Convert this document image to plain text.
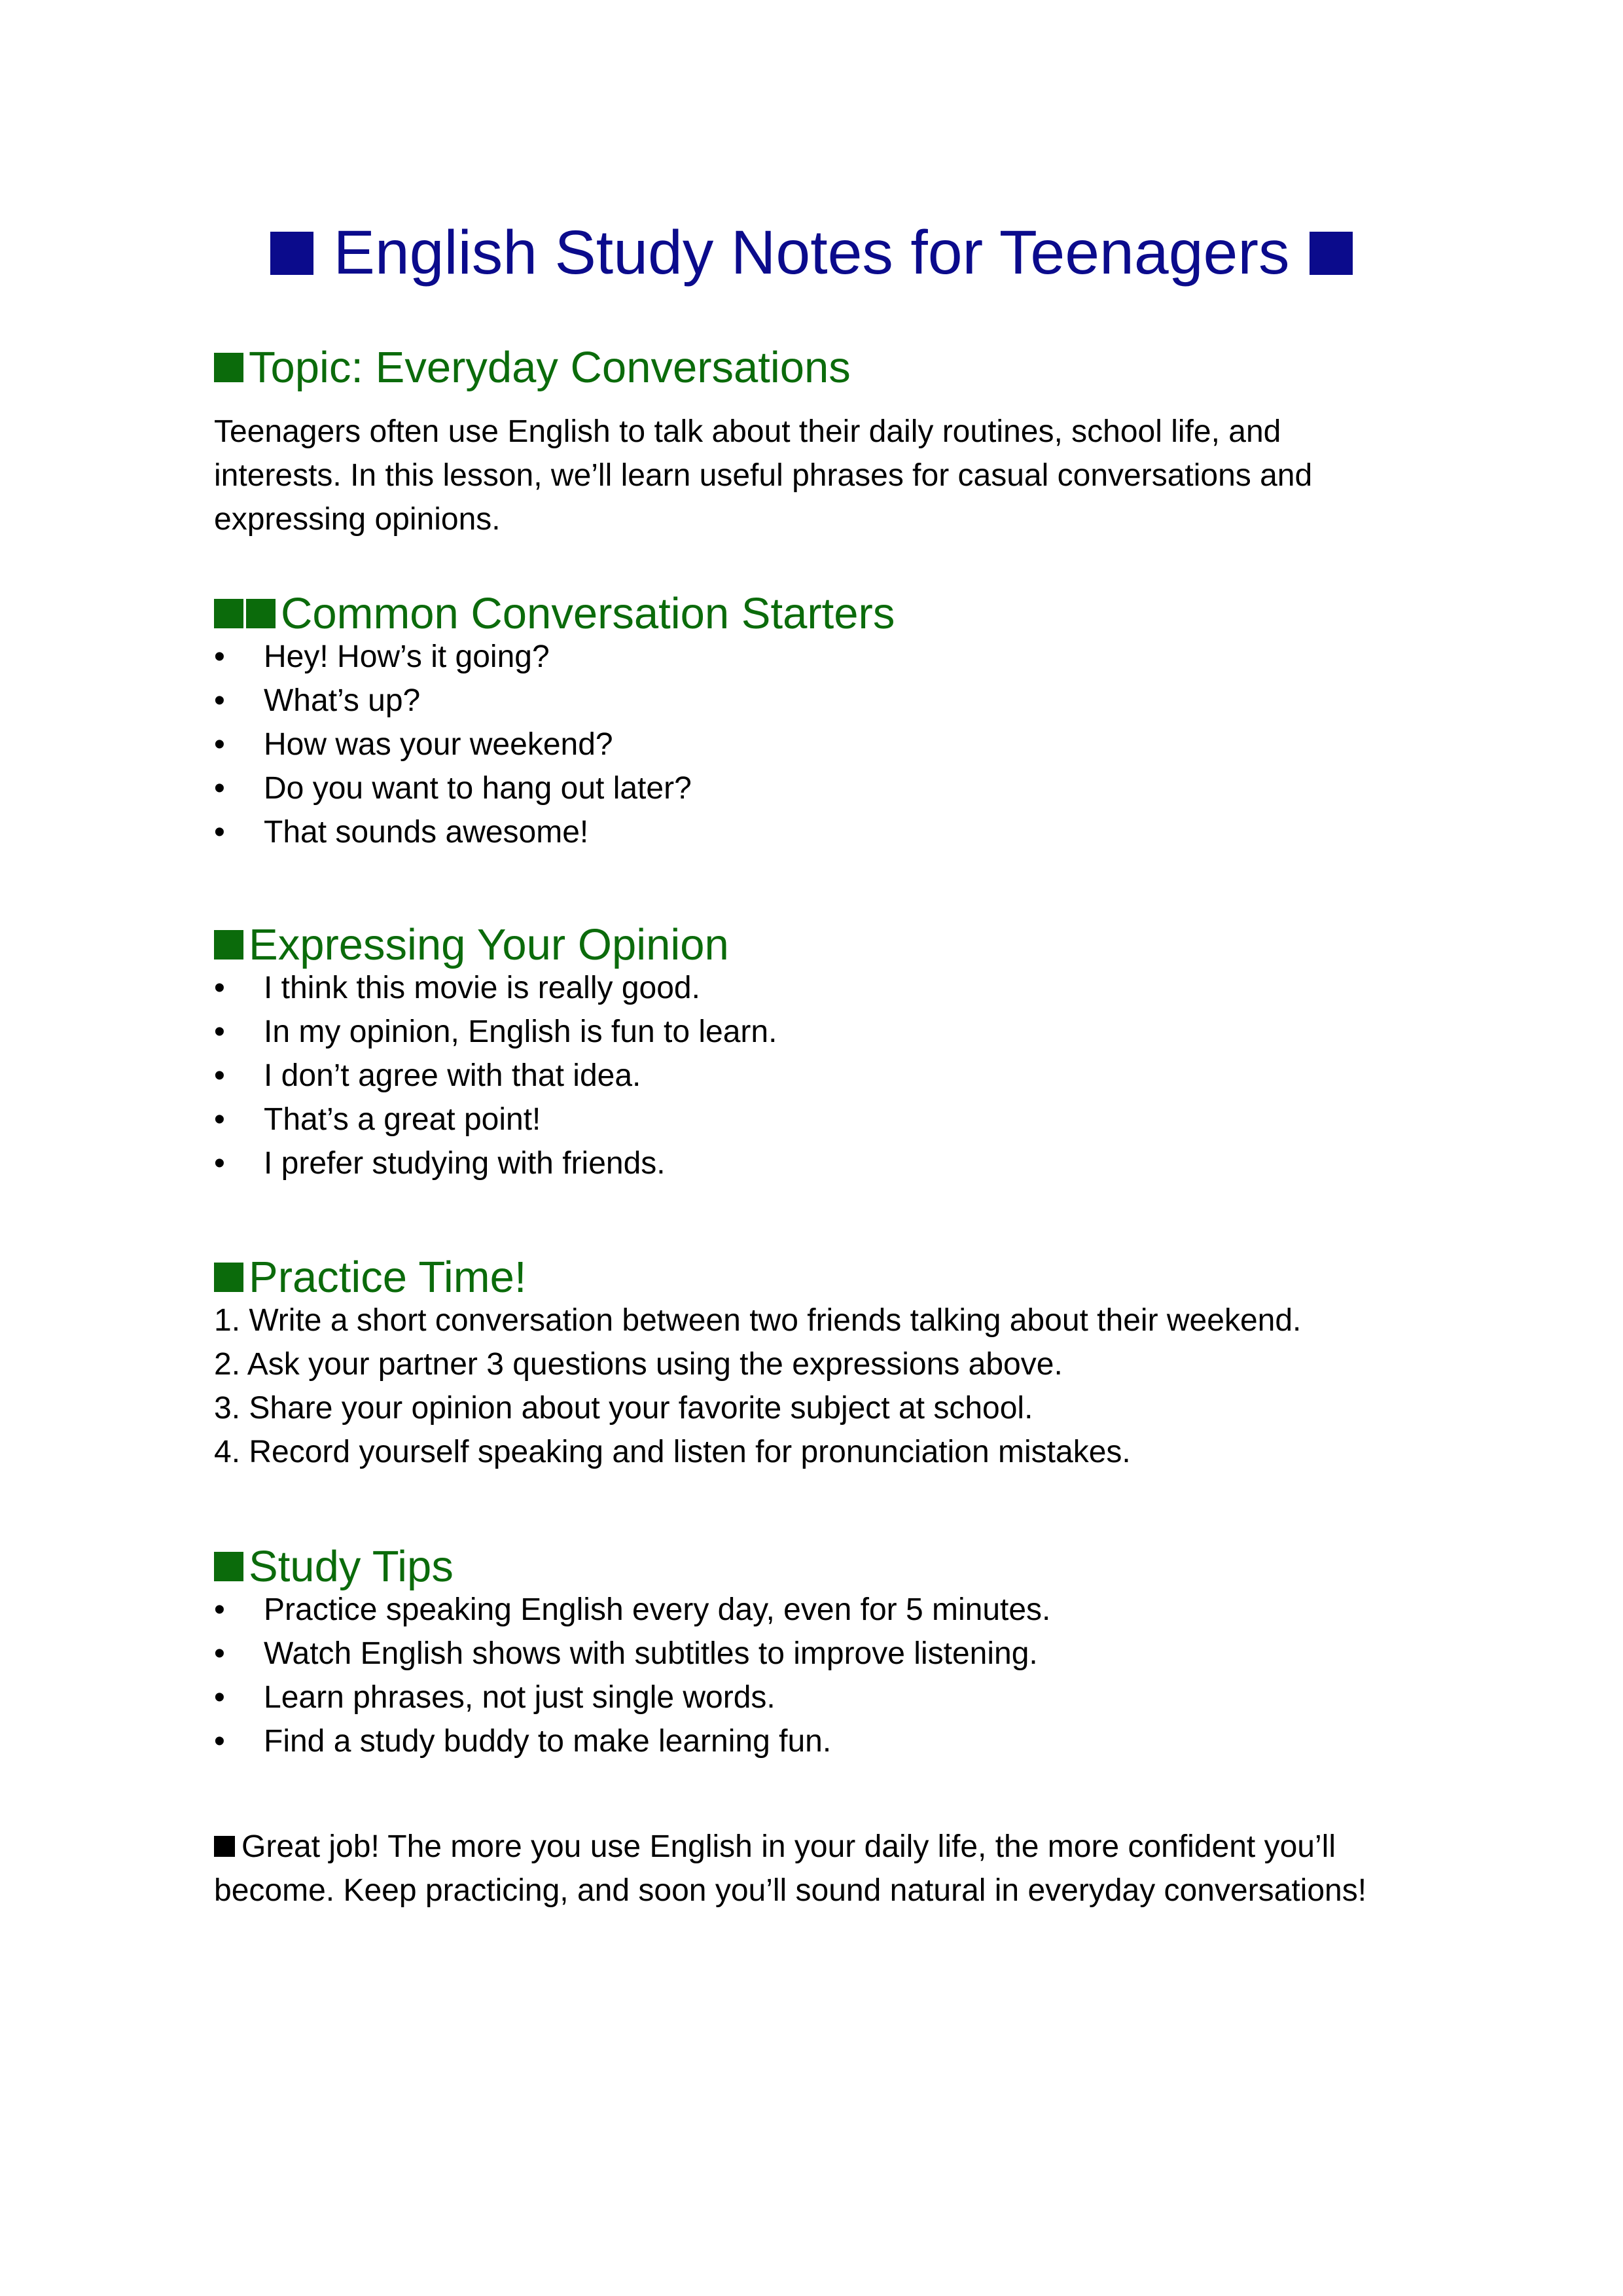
English Study Notes for Teenagers
Topic: Everyday Conversations
Teenagers often use English to talk about their daily routines, school life, and interests. In this lesson, we’ll learn useful phrases for casual conversations and expressing opinions.
Common Conversation Starters
• Hey! How’s it going?
• What’s up?
• How was your weekend?
• Do you want to hang out later?
• That sounds awesome!
Expressing Your Opinion
• I think this movie is really good.
• In my opinion, English is fun to learn.
• I don’t agree with that idea.
• That’s a great point!
• I prefer studying with friends.
Practice Time!
1. Write a short conversation between two friends talking about their weekend.
2. Ask your partner 3 questions using the expressions above.
3. Share your opinion about your favorite subject at school.
4. Record yourself speaking and listen for pronunciation mistakes.
Study Tips
• Practice speaking English every day, even for 5 minutes.
• Watch English shows with subtitles to improve listening.
• Learn phrases, not just single words.
• Find a study buddy to make learning fun.
Great job! The more you use English in your daily life, the more confident you’ll become. Keep practicing, and soon you’ll sound natural in everyday conversations!
